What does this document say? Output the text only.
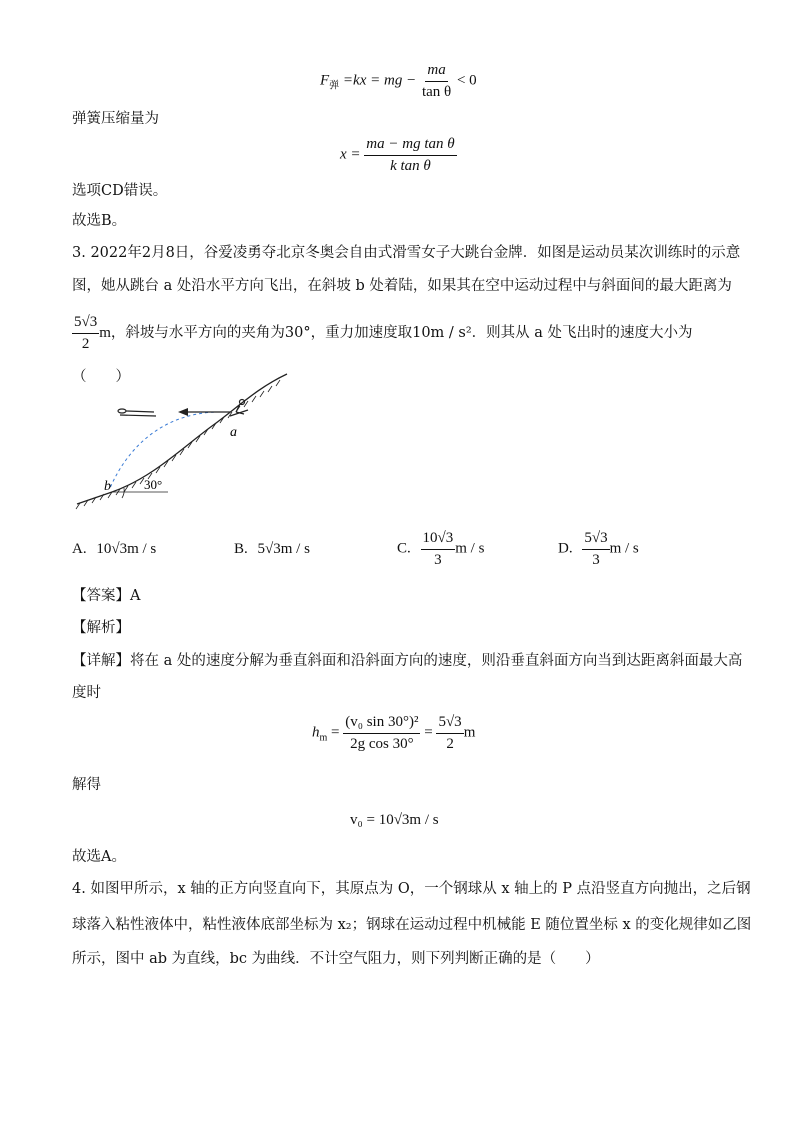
$F_弹 =kx$ = mg − $\frac{ma}{\text{tan θ}} < 0$
弹簧压缩量为
$x = \frac{\text{ma − mg tan θ}}{\text{k tan θ}}$
选项CD错误。
故选B。
3. 2022年2月8日，谷爱凌勇夺北京冬奥会自由式滑雪女子大跳台金牌．如图是运动员某次训练时的示意
图，她从跳台 a 处沿水平方向飞出，在斜坡 b 处着陆，如果其在空中运动过程中与斜面间的最大距离为
$\frac{5√3}{2}$ m，斜坡与水平方向的夹角为30°，重力加速度取10m / s²．则其从 a 处飞出时的速度大小为
（　　）
a
b	30°
A. 10√3m / s	B. 5√3m / s	C. $\frac{10√3}{3}$ m / s	D. $\frac{5√3}{3}$ m / s
【答案】A
【解析】
【详解】将在 a 处的速度分解为垂直斜面和沿斜面方向的速度，则沿垂直斜面方向当到达距离斜面最大高
度时
$h_m = \frac{\text{(v₀ sin 30°)²}}{\text{2g cos 30°}} = \frac{5√3}{2}$ m
解得
v₀ = 10√3m / s
故选A。
4. 如图甲所示，x 轴的正方向竖直向下，其原点为 O，一个钢球从 x 轴上的 P 点沿竖直方向抛出，之后钢
球落入粘性液体中，粘性液体底部坐标为 x₂；钢球在运动过程中机械能 E 随位置坐标 x 的变化规律如乙图
所示，图中 ab 为直线，bc 为曲线．不计空气阻力，则下列判断正确的是（　　）
